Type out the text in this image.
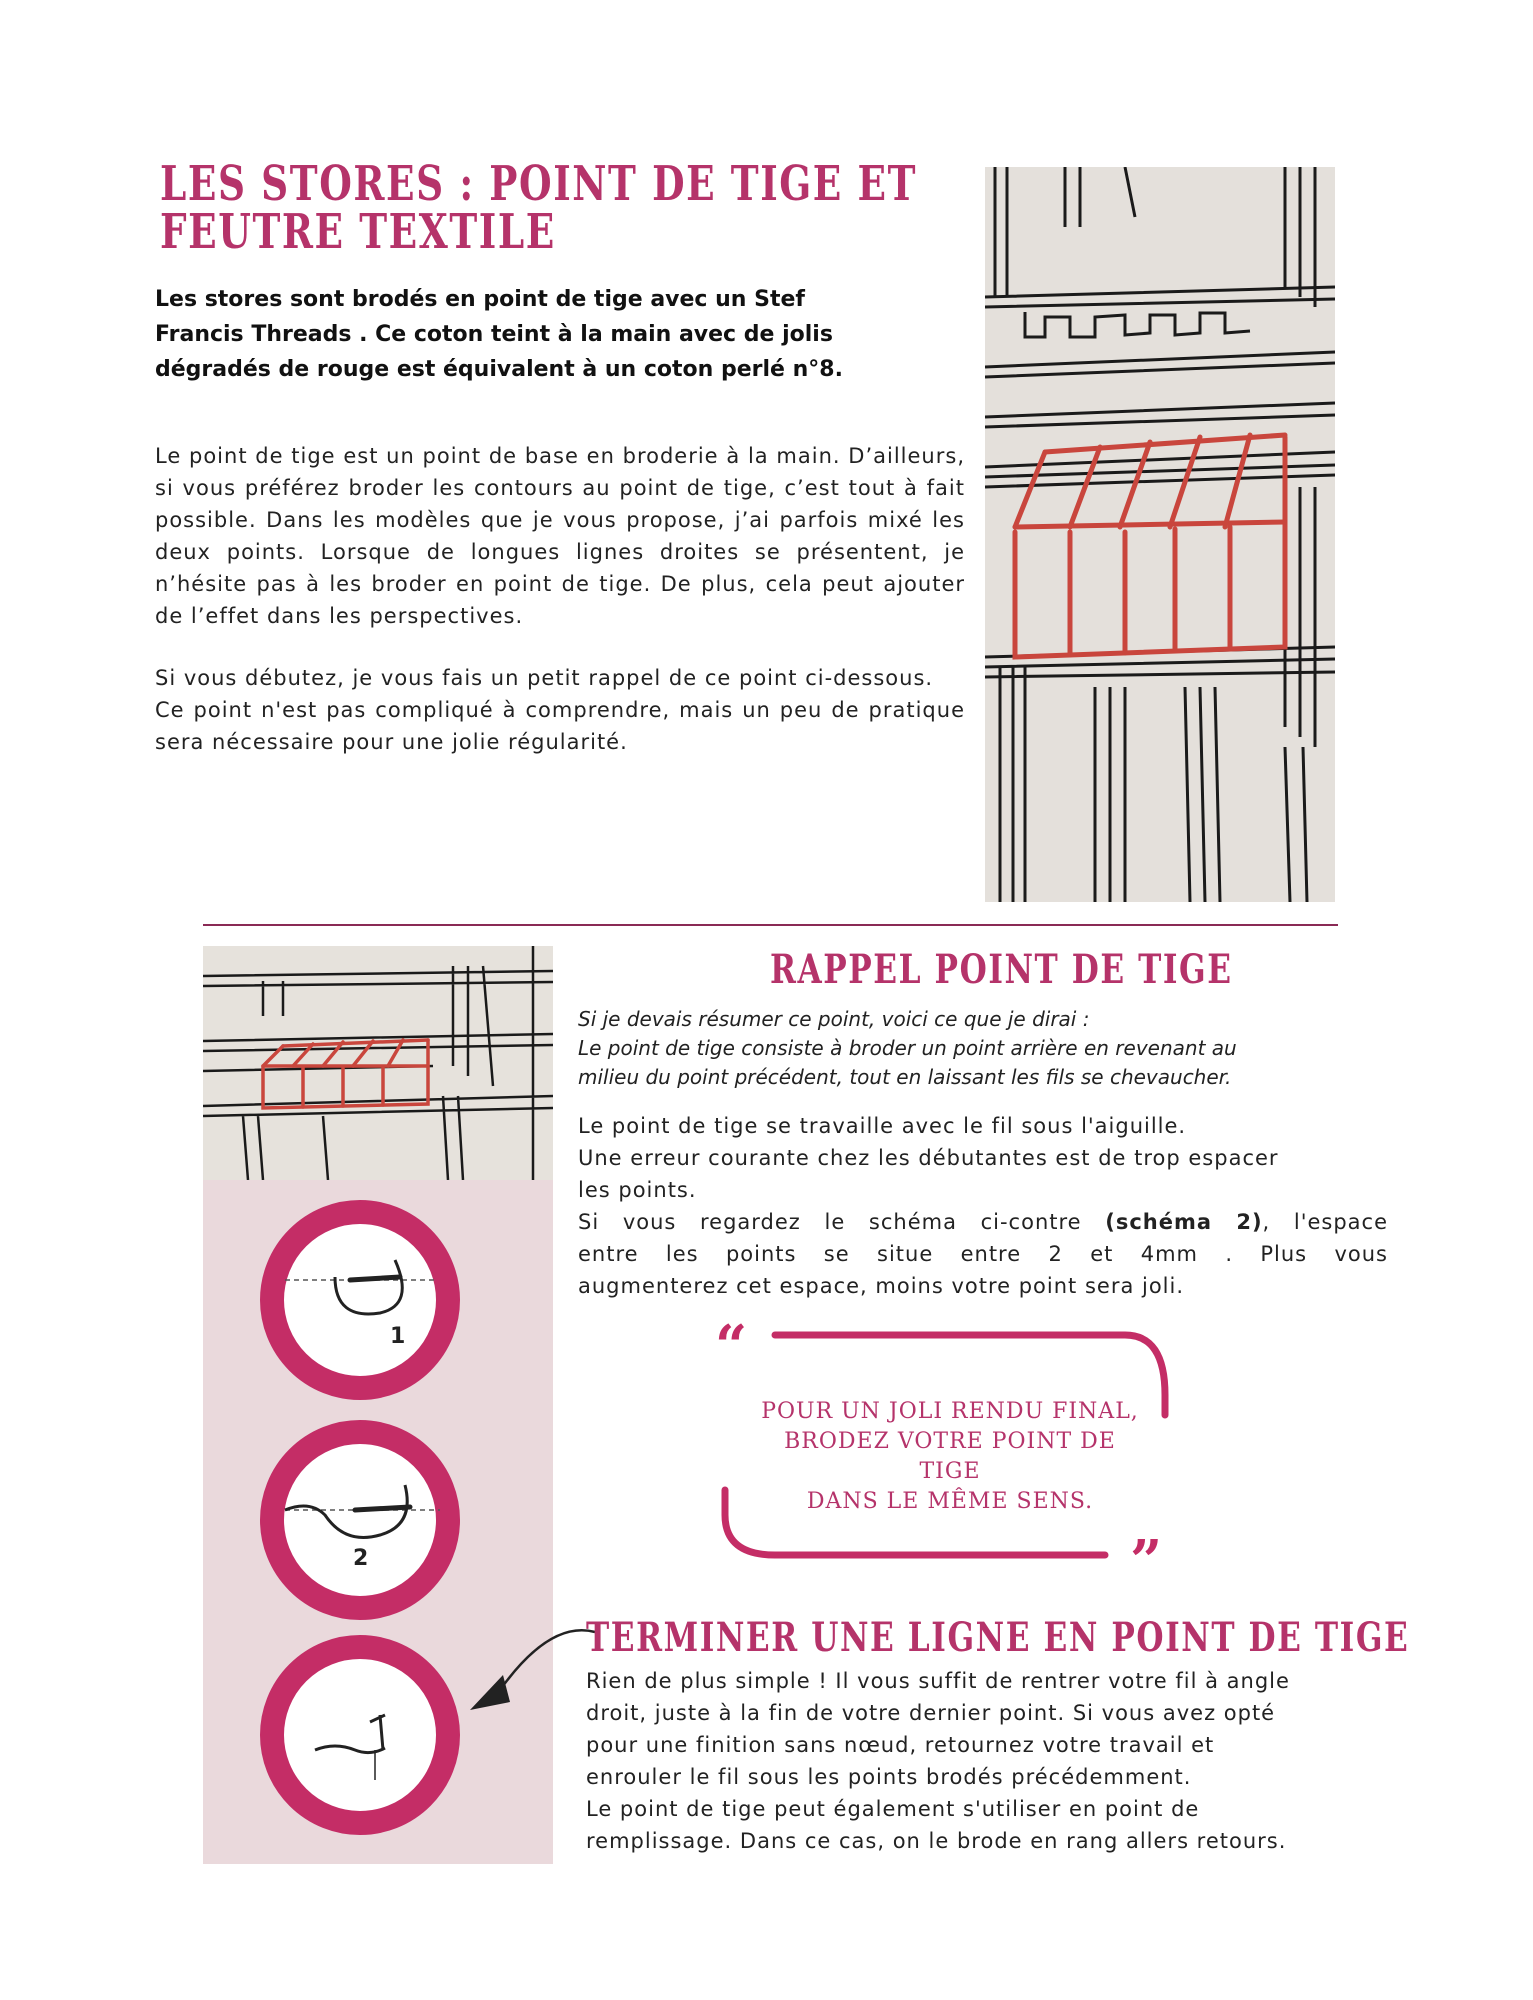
LES STORES : POINT DE TIGE ET
FEUTRE TEXTILE
Les stores sont brodés en point de tige avec un Stef
Francis Threads . Ce coton teint à la main avec de jolis
dégradés de rouge est équivalent à un coton perlé n°8.
Le point de tige est un point de base en broderie à la main. D’ailleurs, si vous préférez broder les contours au point de tige, c’est tout à fait possible. Dans les modèles que je vous propose, j’ai parfois mixé les deux points. Lorsque de longues lignes droites se présentent, je n’hésite pas à les broder en point de tige. De plus, cela peut ajouter de l’effet dans les perspectives.
Si vous débutez, je vous fais un petit rappel de ce point ci-dessous.
Ce point n'est pas compliqué à comprendre, mais un peu de pratique sera nécessaire pour une jolie régularité.
1
2
RAPPEL POINT DE TIGE
Si je devais résumer ce point, voici ce que je dirai :
Le point de tige consiste à broder un point arrière en revenant au
milieu du point précédent, tout en laissant les fils se chevaucher.
Le point de tige se travaille avec le fil sous l'aiguille.
Une erreur courante chez les débutantes est de trop espacer
les points.
Si vous regardez le schéma ci-contre (schéma 2), l'espace
entre les points se situe entre 2 et 4mm . Plus vous
augmenterez cet espace, moins votre point sera joli.
“
”
POUR UN JOLI RENDU FINAL,
BRODEZ VOTRE POINT DE TIGE
DANS LE MÊME SENS.
TERMINER UNE LIGNE EN POINT DE TIGE
Rien de plus simple ! Il vous suffit de rentrer votre fil à angle
droit, juste à la fin de votre dernier point. Si vous avez opté
pour une finition sans nœud, retournez votre travail et
enrouler le fil sous les points brodés précédemment.
Le point de tige peut également s'utiliser en point de
remplissage. Dans ce cas, on le brode en rang allers retours.
